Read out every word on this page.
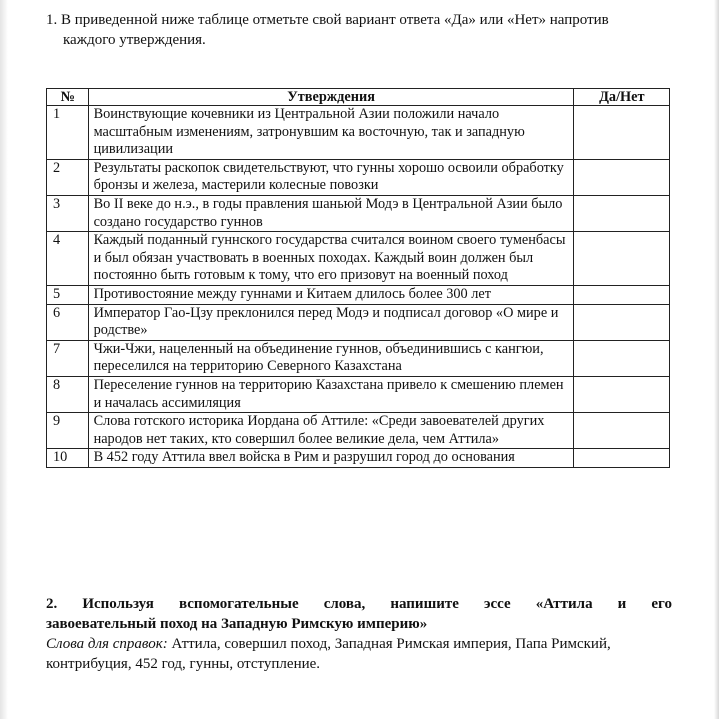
1. В приведенной ниже таблице отметьте свой вариант ответа «Да» или «Нет» напротив
каждого утверждения.
№	Утверждения	Да/Нет
1	Воинствующие кочевники из Центральной Азии положили начало масштабным изменениям, затронувшим ка восточную, так и западную цивилизации	
2	Результаты раскопок свидетельствуют, что гунны хорошо освоили обработку бронзы и железа, мастерили колесные повозки	
3	Во II веке до н.э., в годы правления шаньюй Модэ в Центральной Азии было создано государство гуннов	
4	Каждый поданный гуннского государства считался воином своего туменбасы и был обязан участвовать в военных походах. Каждый воин должен был постоянно быть готовым к тому, что его призовут на военный поход	
5	Противостояние между гуннами и Китаем длилось более 300 лет	
6	Император Гао-Цзу преклонился перед Модэ и подписал договор «О мире и родстве»	
7	Чжи-Чжи, нацеленный на объединение гуннов, объединившись с кангюи, переселился на территорию Северного Казахстана	
8	Переселение гуннов на территорию Казахстана привело к смешению племен и началась ассимиляция	
9	Слова готского историка Иордана об Аттиле: «Среди завоевателей других народов нет таких, кто совершил более великие дела, чем Аттила»	
10	В 452 году Аттила ввел войска в Рим и разрушил город до основания	
2. Используя вспомогательные слова, напишите эссе «Аттила и его
завоевательный поход на Западную Римскую империю»
Слова для справок: Аттила, совершил поход, Западная Римская империя, Папа Римский, контрибуция, 452 год, гунны, отступление.
